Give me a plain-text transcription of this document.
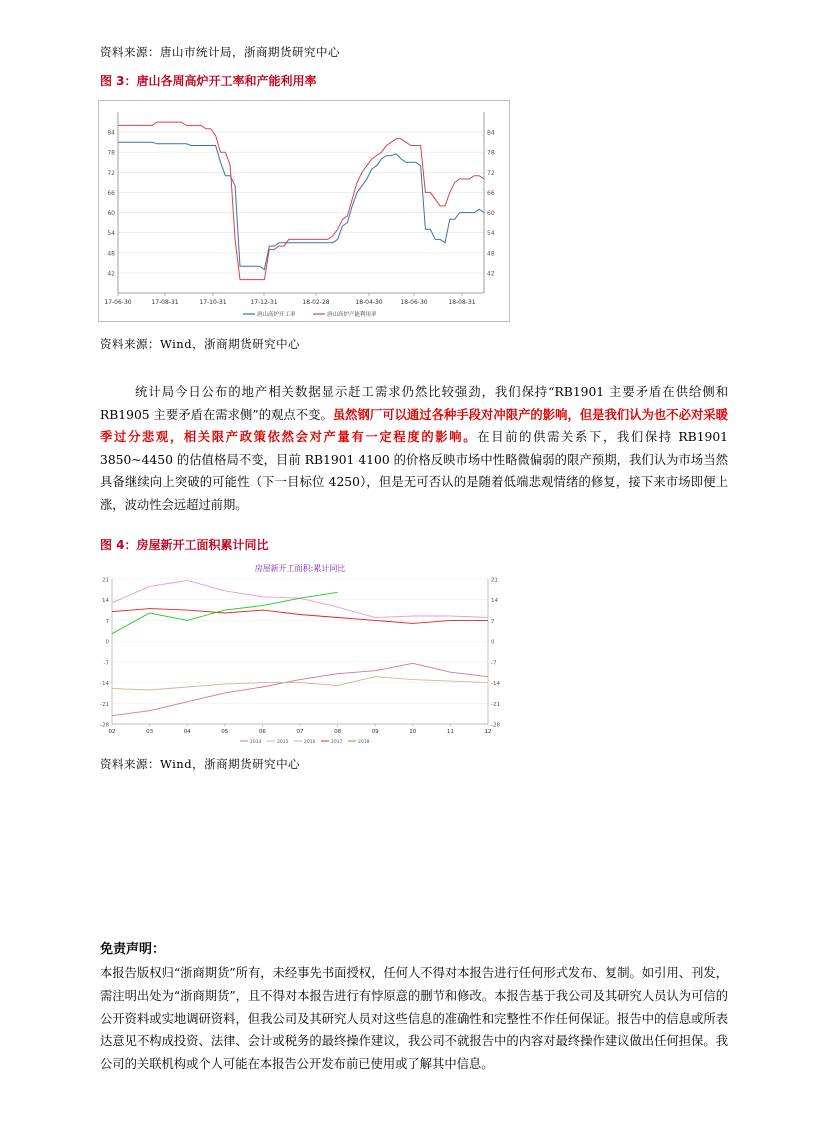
资料来源：唐山市统计局，浙商期货研究中心
图 3：唐山各周高炉开工率和产能利用率
42	42
48	48
54	54
60	60
66	66
72	72
78	78
84	84
17-06-30	17-08-31	17-10-31	17-12-31	18-02-28	18-04-30	18-06-30	18-08-31
唐山高炉开工率	唐山高炉产能利用率
资料来源：Wind，浙商期货研究中心
统计局今日公布的地产相关数据显示赶工需求仍然比较强劲，我们保持“RB1901 主要矛盾在供给侧和 RB1905 主要矛盾在需求侧”的观点不变。虽然钢厂可以通过各种手段对冲限产的影响，但是我们认为也不必对采暖季过分悲观，相关限产政策依然会对产量有一定程度的影响。在目前的供需关系下，我们保持 RB1901 3850~4450 的估值格局不变，目前 RB1901 4100 的价格反映市场中性略微偏弱的限产预期，我们认为市场当然具备继续向上突破的可能性（下一目标位 4250），但是无可否认的是随着低端悲观情绪的修复，接下来市场即便上涨，波动性会远超过前期。
图 4：房屋新开工面积累计同比
房屋新开工面积:累计同比
21	21
14	14
7	7
0	0
-7	-7
-14	-14
-21	-21
-28	-28
02	03	04	05	06	07	08	09	10	11	12
2014	2015	2016	2017	2018
资料来源：Wind，浙商期货研究中心
免责声明：
本报告版权归“浙商期货”所有，未经事先书面授权，任何人不得对本报告进行任何形式发布、复制。如引用、刊发，需注明出处为“浙商期货”，且不得对本报告进行有悖原意的删节和修改。本报告基于我公司及其研究人员认为可信的公开资料或实地调研资料，但我公司及其研究人员对这些信息的准确性和完整性不作任何保证。报告中的信息或所表达意见不构成投资、法律、会计或税务的最终操作建议，我公司不就报告中的内容对最终操作建议做出任何担保。我公司的关联机构或个人可能在本报告公开发布前已使用或了解其中信息。
